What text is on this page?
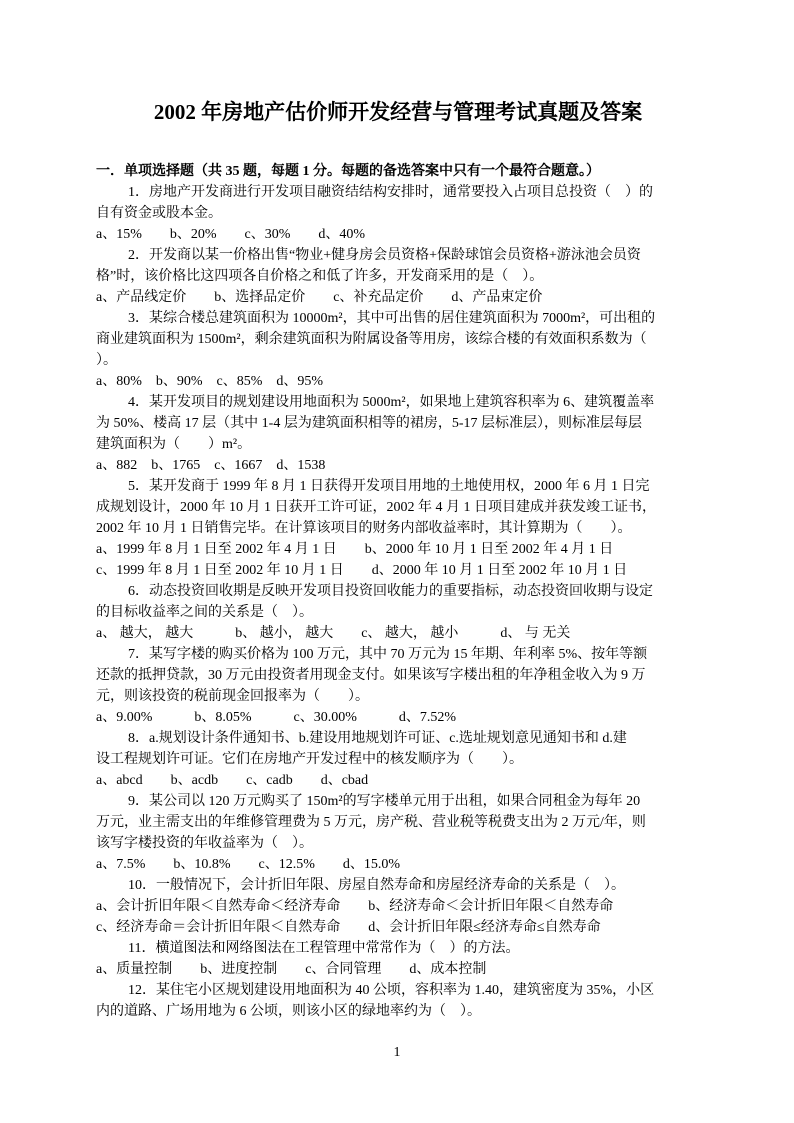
2002 年房地产估价师开发经营与管理考试真题及答案
一．单项选择题（共 35 题，每题 1 分。每题的备选答案中只有一个最符合题意。）
1．房地产开发商进行开发项目融资结结构安排时，通常要投入占项目总投资（　）的
自有资金或股本金。
a、15%　　b、20%　　c、30%　　d、40%
2．开发商以某一价格出售“物业+健身房会员资格+保龄球馆会员资格+游泳池会员资
格”时，该价格比这四项各自价格之和低了许多，开发商采用的是（　）。
a、产品线定价　　b、选择品定价　　c、补充品定价　　d、产品束定价
3．某综合楼总建筑面积为 10000m²，其中可出售的居住建筑面积为 7000m²，可出租的
商业建筑面积为 1500m²，剩余建筑面积为附属设备等用房，该综合楼的有效面积系数为（
）。
a、80%　b、90%　c、85%　d、95%
4．某开发项目的规划建设用地面积为 5000m²，如果地上建筑容积率为 6、建筑覆盖率
为 50%、楼高 17 层（其中 1-4 层为建筑面积相等的裙房，5-17 层标准层），则标准层每层
建筑面积为（　　）m²。
a、882　b、1765　c、1667　d、1538
5．某开发商于 1999 年 8 月 1 日获得开发项目用地的土地使用权，2000 年 6 月 1 日完
成规划设计，2000 年 10 月 1 日获开工许可证，2002 年 4 月 1 日项目建成并获发竣工证书，
2002 年 10 月 1 日销售完毕。在计算该项目的财务内部收益率时，其计算期为（　　）。
a、1999 年 8 月 1 日至 2002 年 4 月 1 日　　b、2000 年 10 月 1 日至 2002 年 4 月 1 日
c、1999 年 8 月 1 日至 2002 年 10 月 1 日　　d、2000 年 10 月 1 日至 2002 年 10 月 1 日
6．动态投资回收期是反映开发项目投资回收能力的重要指标，动态投资回收期与设定
的目标收益率之间的关系是（　）。
a、 越大， 越大　　　b、 越小， 越大　　c、 越大， 越小　　　d、 与 无关
7．某写字楼的购买价格为 100 万元，其中 70 万元为 15 年期、年利率 5%、按年等额
还款的抵押贷款，30 万元由投资者用现金支付。如果该写字楼出租的年净租金收入为 9 万
元，则该投资的税前现金回报率为（　　）。
a、9.00%　　　b、8.05%　　　c、30.00%　　　d、7.52%
8．a.规划设计条件通知书、b.建设用地规划许可证、c.选址规划意见通知书和 d.建
设工程规划许可证。它们在房地产开发过程中的核发顺序为（　　）。
a、abcd　　b、acdb　　c、cadb　　d、cbad
9．某公司以 120 万元购买了 150m²的写字楼单元用于出租，如果合同租金为每年 20
万元，业主需支出的年维修管理费为 5 万元，房产税、营业税等税费支出为 2 万元/年，则
该写字楼投资的年收益率为（　）。
a、7.5%　　b、10.8%　　c、12.5%　　d、15.0%
10．一般情况下，会计折旧年限、房屋自然寿命和房屋经济寿命的关系是（　）。
a、会计折旧年限＜自然寿命＜经济寿命　　b、经济寿命＜会计折旧年限＜自然寿命
c、经济寿命＝会计折旧年限＜自然寿命　　d、会计折旧年限≤经济寿命≤自然寿命
11．横道图法和网络图法在工程管理中常常作为（　）的方法。
a、质量控制　　b、进度控制　　c、合同管理　　d、成本控制
12．某住宅小区规划建设用地面积为 40 公顷，容积率为 1.40，建筑密度为 35%，小区
内的道路、广场用地为 6 公顷，则该小区的绿地率约为（　）。
1
